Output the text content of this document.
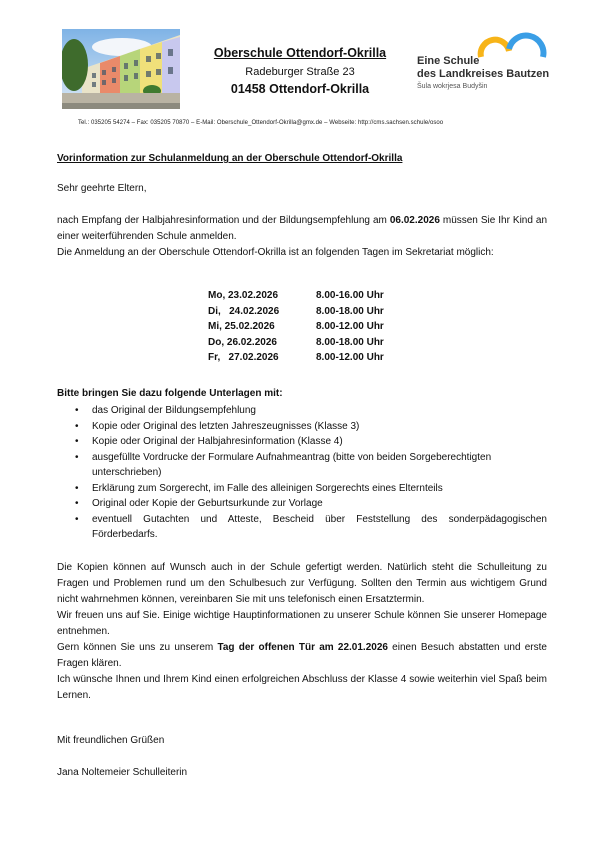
Oberschule Ottendorf-Okrilla
Radeburger Straße 23
01458 Ottendorf-Okrilla
Eine Schule
des Landkreises Bautzen
Šula wokrjesa Budyšin
Tel.: 035205 54274 – Fax: 035205 70870 – E-Mail: Oberschule_Ottendorf-Okrilla@gmx.de – Webseite: http://cms.sachsen.schule/osoo
Vorinformation zur Schulanmeldung an der Oberschule Ottendorf-Okrilla
Sehr geehrte Eltern,
nach Empfang der Halbjahresinformation und der Bildungsempfehlung am 06.02.2026 müssen Sie Ihr Kind an einer weiterführenden Schule anmelden.
Die Anmeldung an der Oberschule Ottendorf-Okrilla ist an folgenden Tagen im Sekretariat möglich:
Mo, 23.02.2026	8.00-16.00 Uhr
Di,   24.02.2026	8.00-18.00 Uhr
Mi, 25.02.2026	8.00-12.00 Uhr
Do, 26.02.2026	8.00-18.00 Uhr
Fr,   27.02.2026	8.00-12.00 Uhr
Bitte bringen Sie dazu folgende Unterlagen mit:
• das Original der Bildungsempfehlung
• Kopie oder Original des letzten Jahreszeugnisses (Klasse 3)
• Kopie oder Original der Halbjahresinformation (Klasse 4)
• ausgefüllte Vordrucke der Formulare Aufnahmeantrag (bitte von beiden Sorgeberechtigten unterschrieben)
• Erklärung zum Sorgerecht, im Falle des alleinigen Sorgerechts eines Elternteils
• Original oder Kopie der Geburtsurkunde zur Vorlage
• eventuell Gutachten und Atteste, Bescheid über Feststellung des sonderpädagogischen Förderbedarfs.
Die Kopien können auf Wunsch auch in der Schule gefertigt werden. Natürlich steht die Schulleitung zu Fragen und Problemen rund um den Schulbesuch zur Verfügung. Sollten den Termin aus wichtigem Grund nicht wahrnehmen können, vereinbaren Sie mit uns telefonisch einen Ersatztermin.
Wir freuen uns auf Sie. Einige wichtige Hauptinformationen zu unserer Schule können Sie unserer Homepage entnehmen.
Gern können Sie uns zu unserem Tag der offenen Tür am 22.01.2026 einen Besuch abstatten und erste Fragen klären.
Ich wünsche Ihnen und Ihrem Kind einen erfolgreichen Abschluss der Klasse 4 sowie weiterhin viel Spaß beim Lernen.
Mit freundlichen Grüßen
Jana Noltemeier Schulleiterin
